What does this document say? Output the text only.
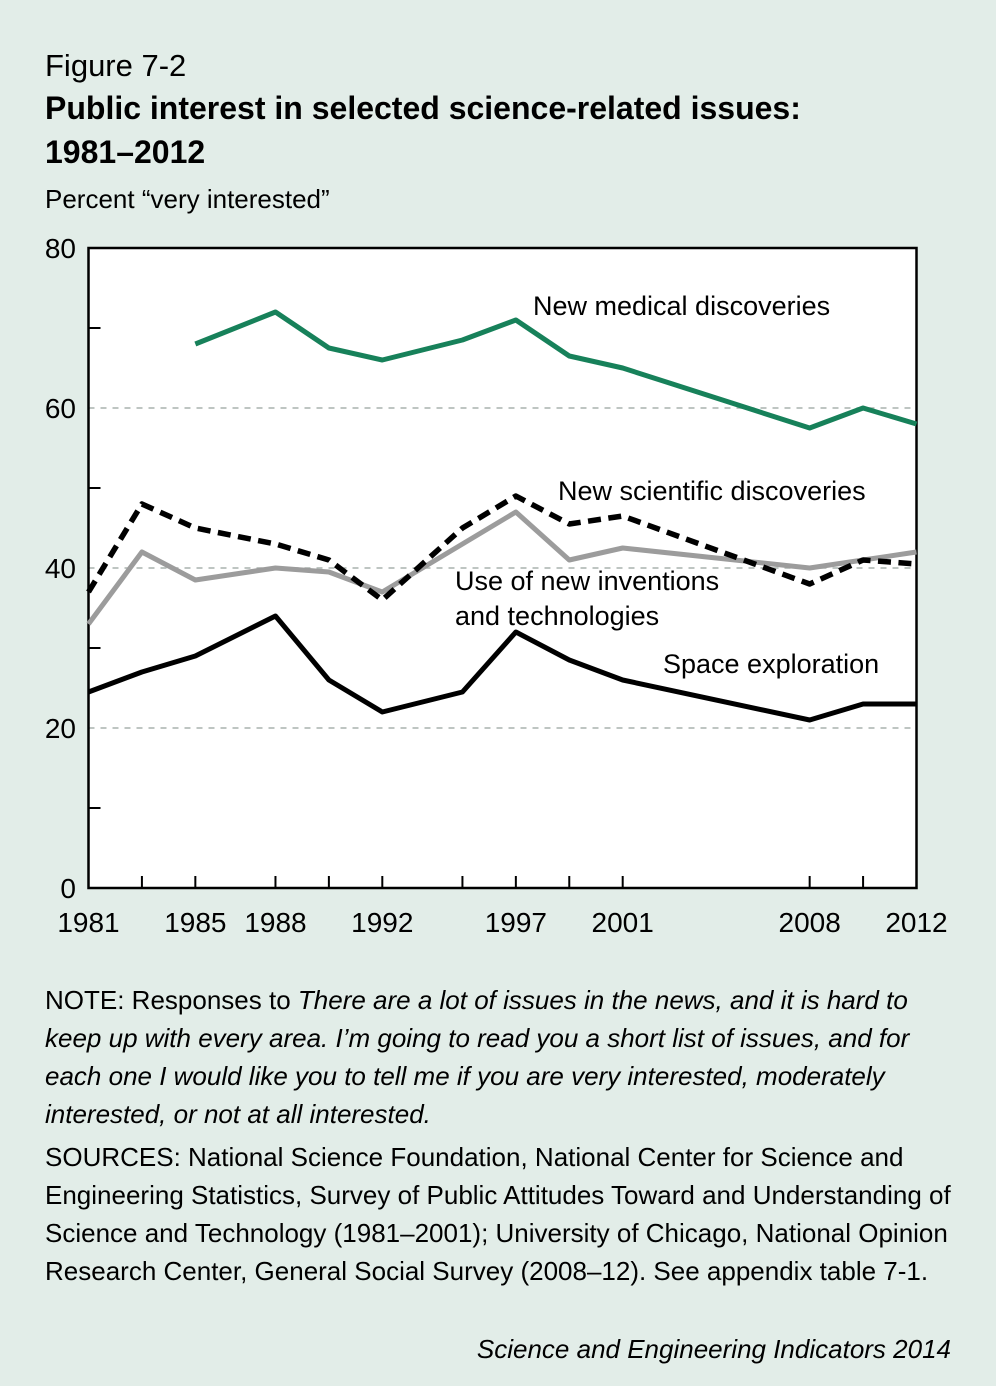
Figure 7-2
Public interest in selected science-related issues:
1981–2012
Percent “very interested”
0
20
40
60
80
1981 1985 1988 1992	1997 2001	2008 2012
New medical discoveries
New scientific discoveries
Use of new inventions
and technologies
Space exploration
NOTE: Responses to There are a lot of issues in the news, and it is hard to keep up with every area. I’m going to read you a short list of issues, and for each one I would like you to tell me if you are very interested, moderately interested, or not at all interested.
SOURCES: National Science Foundation, National Center for Science and Engineering Statistics, Survey of Public Attitudes Toward and Understanding of Science and Technology (1981–2001); University of Chicago, National Opinion Research Center, General Social Survey (2008–12). See appendix table 7-1.
Science and Engineering Indicators 2014
